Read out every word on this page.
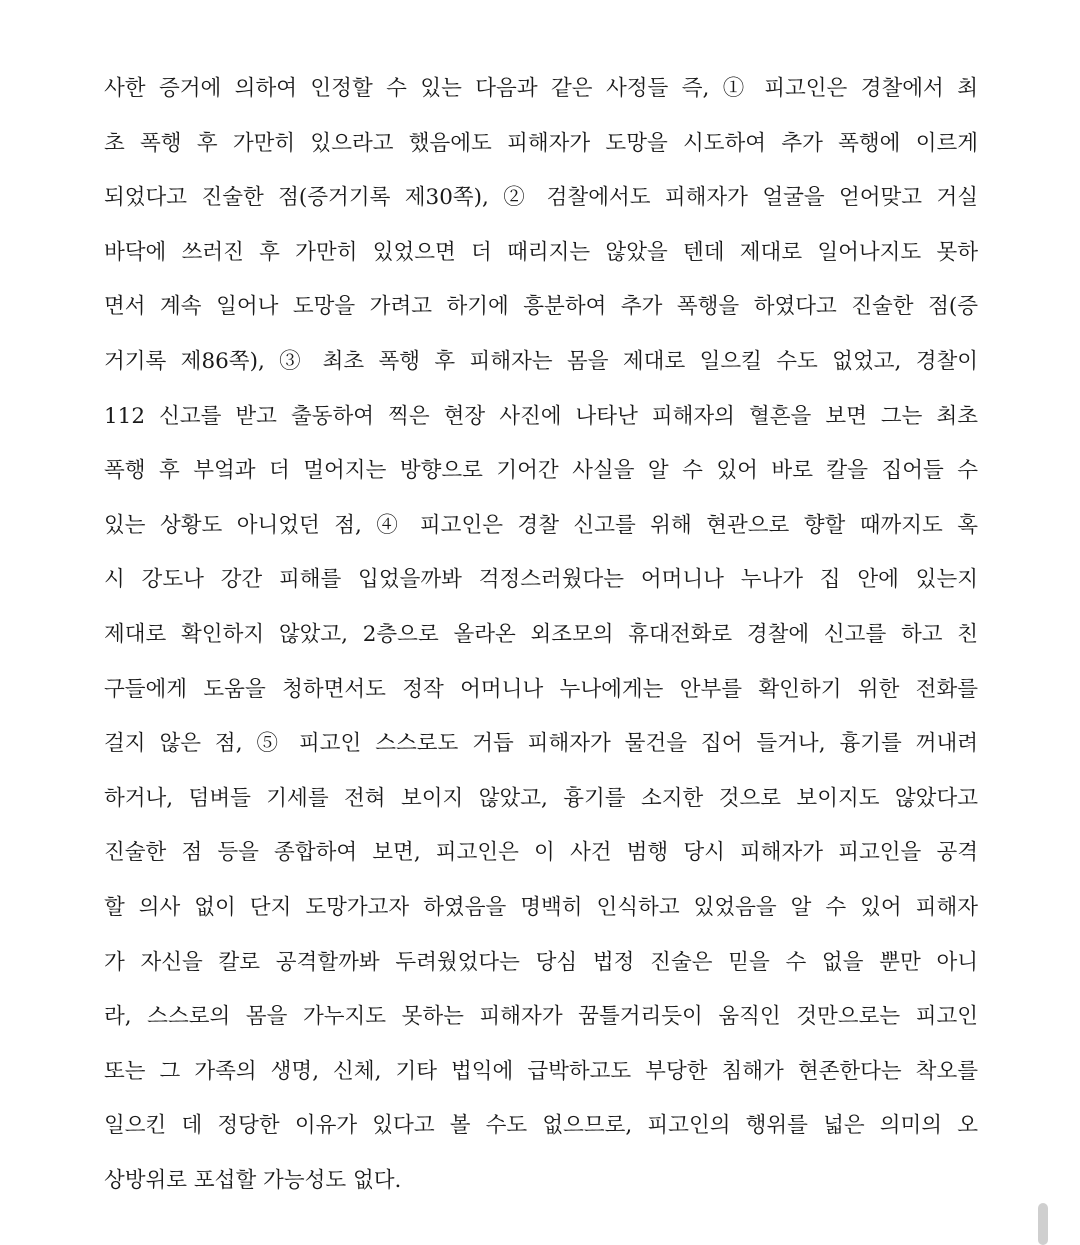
사한 증거에 의하여 인정할 수 있는 다음과 같은 사정들 즉, ① 피고인은 경찰에서 최
초 폭행 후 가만히 있으라고 했음에도 피해자가 도망을 시도하여 추가 폭행에 이르게
되었다고 진술한 점(증거기록 제30쪽), ② 검찰에서도 피해자가 얼굴을 얻어맞고 거실
바닥에 쓰러진 후 가만히 있었으면 더 때리지는 않았을 텐데 제대로 일어나지도 못하
면서 계속 일어나 도망을 가려고 하기에 흥분하여 추가 폭행을 하였다고 진술한 점(증
거기록 제86쪽), ③ 최초 폭행 후 피해자는 몸을 제대로 일으킬 수도 없었고, 경찰이
112 신고를 받고 출동하여 찍은 현장 사진에 나타난 피해자의 혈흔을 보면 그는 최초
폭행 후 부엌과 더 멀어지는 방향으로 기어간 사실을 알 수 있어 바로 칼을 집어들 수
있는 상황도 아니었던 점, ④ 피고인은 경찰 신고를 위해 현관으로 향할 때까지도 혹
시 강도나 강간 피해를 입었을까봐 걱정스러웠다는 어머니나 누나가 집 안에 있는지
제대로 확인하지 않았고, 2층으로 올라온 외조모의 휴대전화로 경찰에 신고를 하고 친
구들에게 도움을 청하면서도 정작 어머니나 누나에게는 안부를 확인하기 위한 전화를
걸지 않은 점, ⑤ 피고인 스스로도 거듭 피해자가 물건을 집어 들거나, 흉기를 꺼내려
하거나, 덤벼들 기세를 전혀 보이지 않았고, 흉기를 소지한 것으로 보이지도 않았다고
진술한 점 등을 종합하여 보면, 피고인은 이 사건 범행 당시 피해자가 피고인을 공격
할 의사 없이 단지 도망가고자 하였음을 명백히 인식하고 있었음을 알 수 있어 피해자
가 자신을 칼로 공격할까봐 두려웠었다는 당심 법정 진술은 믿을 수 없을 뿐만 아니
라, 스스로의 몸을 가누지도 못하는 피해자가 꿈틀거리듯이 움직인 것만으로는 피고인
또는 그 가족의 생명, 신체, 기타 법익에 급박하고도 부당한 침해가 현존한다는 착오를
일으킨 데 정당한 이유가 있다고 볼 수도 없으므로, 피고인의 행위를 넓은 의미의 오
상방위로 포섭할 가능성도 없다.
